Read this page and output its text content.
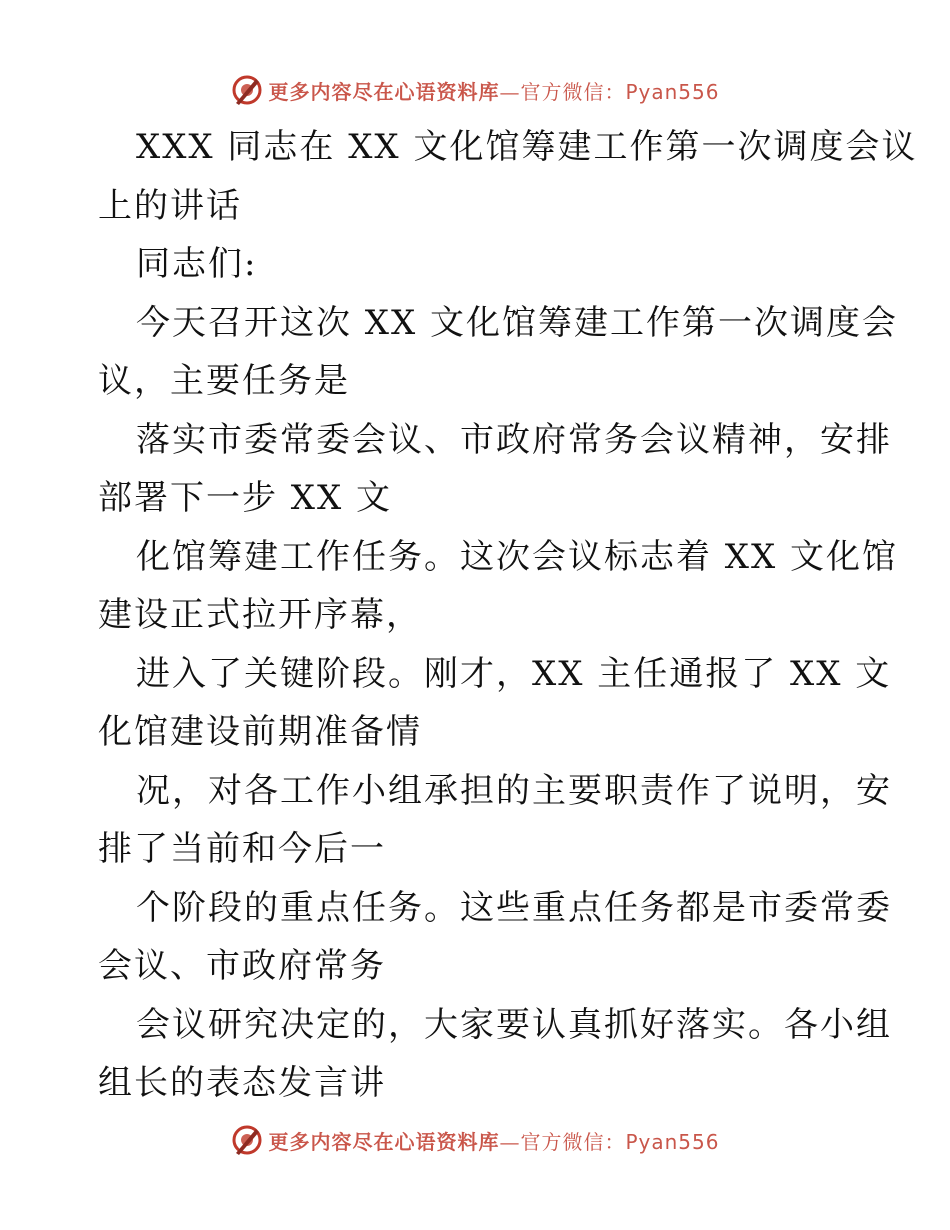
更多内容尽在心语资料库—官方微信：Pyan556
XXX 同志在 XX 文化馆筹建工作第一次调度会议
上的讲话
同志们:
今天召开这次 XX 文化馆筹建工作第一次调度会
议，主要任务是
落实市委常委会议、市政府常务会议精神，安排
部署下一步 XX 文
化馆筹建工作任务。这次会议标志着 XX 文化馆
建设正式拉开序幕，
进入了关键阶段。刚才，XX 主任通报了 XX 文
化馆建设前期准备情
况，对各工作小组承担的主要职责作了说明，安
排了当前和今后一
个阶段的重点任务。这些重点任务都是市委常委
会议、市政府常务
会议研究决定的，大家要认真抓好落实。各小组
组长的表态发言讲
更多内容尽在心语资料库—官方微信：Pyan556
